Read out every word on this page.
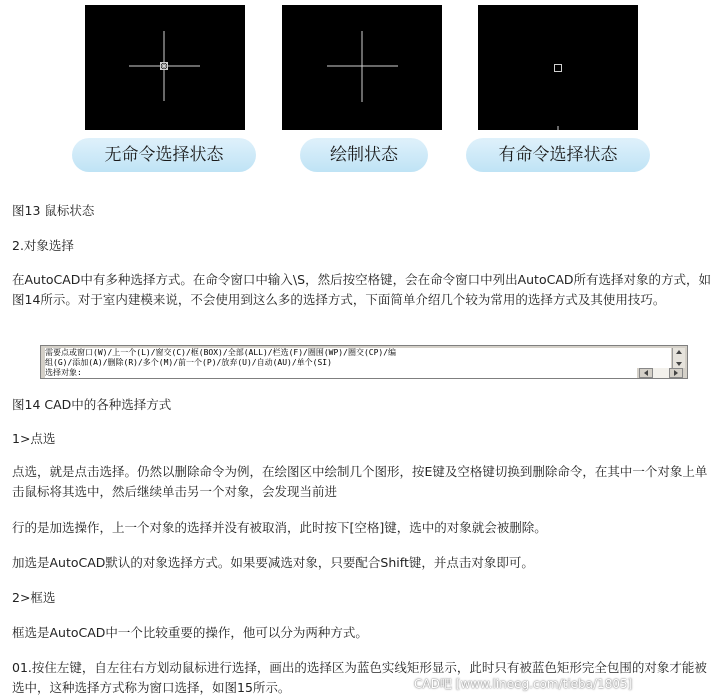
无命令选择状态	绘制状态	有命令选择状态

图13 鼠标状态

2.对象选择

在AutoCAD中有多种选择方式。在命令窗口中输入\S，然后按空格键，会在命令窗口中列出AutoCAD所有选择对象的方式，如图14所示。对于室内建模来说，不会使用到这么多的选择方式，下面简单介绍几个较为常用的选择方式及其使用技巧。

需要点或窗口(W)/上一个(L)/窗交(C)/框(BOX)/全部(ALL)/栏选(F)/圈围(WP)/圈交(CP)/编
组(G)/添加(A)/删除(R)/多个(M)/前一个(P)/放弃(U)/自动(AU)/单个(SI)
选择对象:

图14 CAD中的各种选择方式

1>点选

点选，就是点击选择。仍然以删除命令为例，在绘图区中绘制几个图形，按E键及空格键切换到删除命令，在其中一个对象上单击鼠标将其选中，然后继续单击另一个对象，会发现当前进

行的是加选操作，上一个对象的选择并没有被取消，此时按下[空格]键，选中的对象就会被删除。

加选是AutoCAD默认的对象选择方式。如果要减选对象，只要配合Shift键，并点击对象即可。

2>框选

框选是AutoCAD中一个比较重要的操作，他可以分为两种方式。

01.按住左键，自左往右方划动鼠标进行选择，画出的选择区为蓝色实线矩形显示，此时只有被蓝色矩形完全包围的对象才能被选中，这种选择方式称为窗口选择，如图15所示。	CAD吧 [www.lineeg.com/tieba/1805]
